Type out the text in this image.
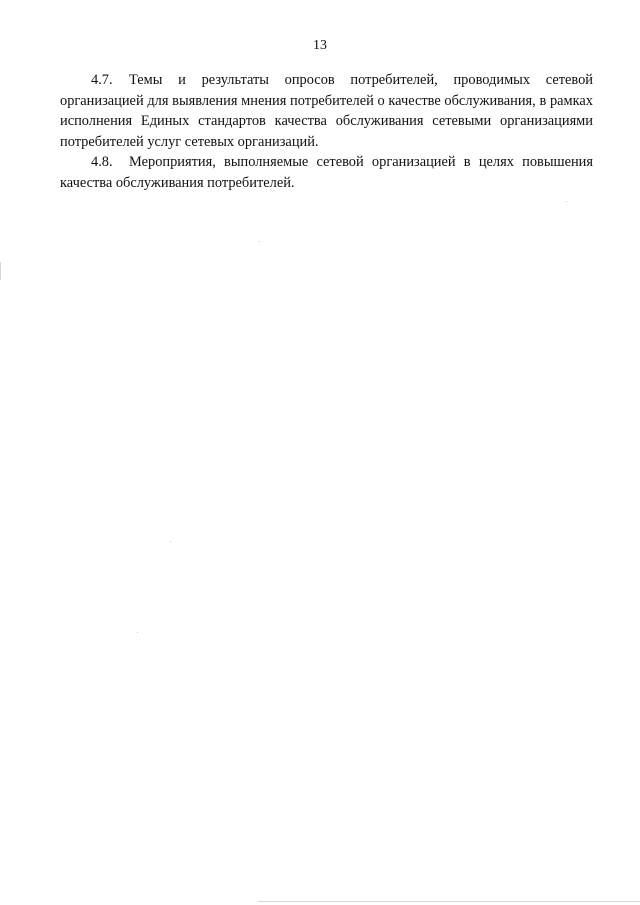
13

4.7. Темы и результаты опросов потребителей, проводимых сетевой организацией для выявления мнения потребителей о качестве обслуживания, в рамках исполнения Единых стандартов качества обслуживания сетевыми организациями потребителей услуг сетевых организаций.

4.8. Мероприятия, выполняемые сетевой организацией в целях повышения качества обслуживания потребителей.
